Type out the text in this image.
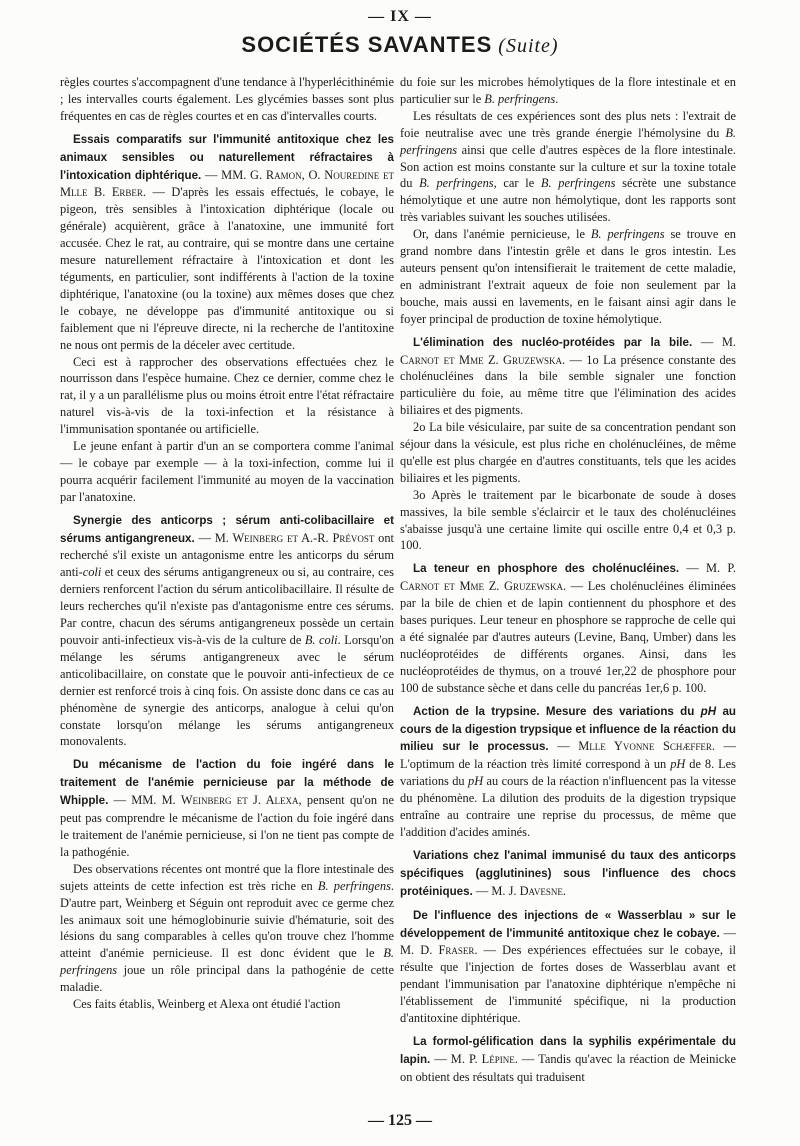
— IX —
SOCIÉTÉS SAVANTES (Suite)

règles courtes s'accompagnent d'une tendance à l'hyperlécithinémie ; les intervalles courts également. Les glycémies basses sont plus fréquentes en cas de règles courtes et en cas d'intervalles courts.

Essais comparatifs sur l'immunité antitoxique chez les animaux sensibles ou naturellement réfractaires à l'intoxication diphtérique. — MM. G. Ramon, O. Nouredine et Mlle B. Erber. — D'après les essais effectués, le cobaye, le pigeon, très sensibles à l'intoxication diphtérique (locale ou générale) acquièrent, grâce à l'anatoxine, une immunité fort accusée. Chez le rat, au contraire, qui se montre dans une certaine mesure naturellement réfractaire à l'intoxication et dont les téguments, en particulier, sont indifférents à l'action de la toxine diphtérique, l'anatoxine (ou la toxine) aux mêmes doses que chez le cobaye, ne développe pas d'immunité antitoxique ou si faiblement que ni l'épreuve directe, ni la recherche de l'antitoxine ne nous ont permis de la déceler avec certitude.

Ceci est à rapprocher des observations effectuées chez le nourrisson dans l'espèce humaine. Chez ce dernier, comme chez le rat, il y a un parallélisme plus ou moins étroit entre l'état réfractaire naturel vis-à-vis de la toxi-infection et la résistance à l'immunisation spontanée ou artificielle.

Le jeune enfant à partir d'un an se comportera comme l'animal — le cobaye par exemple — à la toxi-infection, comme lui il pourra acquérir facilement l'immunité au moyen de la vaccination par l'anatoxine.

Synergie des anticorps ; sérum anti-colibacillaire et sérums antigangreneux. — M. Weinberg et A.-R. Prévost ont recherché s'il existe un antagonisme entre les anticorps du sérum anti-coli et ceux des sérums antigangreneux ou si, au contraire, ces derniers renforcent l'action du sérum anticolibacillaire. Il résulte de leurs recherches qu'il n'existe pas d'antagonisme entre ces sérums. Par contre, chacun des sérums antigangreneux possède un certain pouvoir anti-infectieux vis-à-vis de la culture de B. coli. Lorsqu'on mélange les sérums antigangreneux avec le sérum anticolibacillaire, on constate que le pouvoir anti-infectieux de ce dernier est renforcé trois à cinq fois. On assiste donc dans ce cas au phénomène de synergie des anticorps, analogue à celui qu'on constate lorsqu'on mélange les sérums antigangreneux monovalents.

Du mécanisme de l'action du foie ingéré dans le traitement de l'anémie pernicieuse par la méthode de Whipple. — MM. M. Weinberg et J. Alexa, pensent qu'on ne peut pas comprendre le mécanisme de l'action du foie ingéré dans le traitement de l'anémie pernicieuse, si l'on ne tient pas compte de la pathogénie.

Des observations récentes ont montré que la flore intestinale des sujets atteints de cette infection est très riche en B. perfringens. D'autre part, Weinberg et Séguin ont reproduit avec ce germe chez les animaux soit une hémoglobinurie suivie d'hématurie, soit des lésions du sang comparables à celles qu'on trouve chez l'homme atteint d'anémie pernicieuse. Il est donc évident que le B. perfringens joue un rôle principal dans la pathogénie de cette maladie.

Ces faits établis, Weinberg et Alexa ont étudié l'action

du foie sur les microbes hémolytiques de la flore intestinale et en particulier sur le B. perfringens.

Les résultats de ces expériences sont des plus nets : l'extrait de foie neutralise avec une très grande énergie l'hémolysine du B. perfringens ainsi que celle d'autres espèces de la flore intestinale. Son action est moins constante sur la culture et sur la toxine totale du B. perfringens, car le B. perfringens sécrète une substance hémolytique et une autre non hémolytique, dont les rapports sont très variables suivant les souches utilisées.

Or, dans l'anémie pernicieuse, le B. perfringens se trouve en grand nombre dans l'intestin grêle et dans le gros intestin. Les auteurs pensent qu'on intensifierait le traitement de cette maladie, en administrant l'extrait aqueux de foie non seulement par la bouche, mais aussi en lavements, en le faisant ainsi agir dans le foyer principal de production de toxine hémolytique.

L'élimination des nucléo-protéides par la bile. — M. Carnot et Mme Z. Gruzewska. — 1o La présence constante des cholénucléines dans la bile semble signaler une fonction particulière du foie, au même titre que l'élimination des acides biliaires et des pigments.

2o La bile vésiculaire, par suite de sa concentration pendant son séjour dans la vésicule, est plus riche en cholénucléines, de même qu'elle est plus chargée en d'autres constituants, tels que les acides biliaires et les pigments.

3o Après le traitement par le bicarbonate de soude à doses massives, la bile semble s'éclaircir et le taux des cholénucléines s'abaisse jusqu'à une certaine limite qui oscille entre 0,4 et 0,3 p. 100.

La teneur en phosphore des cholénucléines. — M. P. Carnot et Mme Z. Gruzewska. — Les cholénucléines éliminées par la bile de chien et de lapin contiennent du phosphore et des bases puriques. Leur teneur en phosphore se rapproche de celle qui a été signalée par d'autres auteurs (Levine, Banq, Umber) dans les nucléoprotéides de différents organes. Ainsi, dans les nucléoprotéides de thymus, on a trouvé 1er,22 de phosphore pour 100 de substance sèche et dans celle du pancréas 1er,6 p. 100.

Action de la trypsine. Mesure des variations du pH au cours de la digestion trypsique et influence de la réaction du milieu sur le processus. — Mlle Yvonne Schæffer. — L'optimum de la réaction très limité correspond à un pH de 8. Les variations du pH au cours de la réaction n'influencent pas la vitesse du phénomène. La dilution des produits de la digestion trypsique entraîne au contraire une reprise du processus, de même que l'addition d'acides aminés.

Variations chez l'animal immunisé du taux des anticorps spécifiques (agglutinines) sous l'influence des chocs protéiniques. — M. J. Davesne.

De l'influence des injections de « Wasserblau » sur le développement de l'immunité antitoxique chez le cobaye. — M. D. Fraser. — Des expériences effectuées sur le cobaye, il résulte que l'injection de fortes doses de Wasserblau avant et pendant l'immunisation par l'anatoxine diphtérique n'empêche ni l'établissement de l'immunité spécifique, ni la production d'antitoxine diphtérique.

La formol-gélification dans la syphilis expérimentale du lapin. — M. P. Lépine. — Tandis qu'avec la réaction de Meinicke on obtient des résultats qui traduisent

— 125 —
